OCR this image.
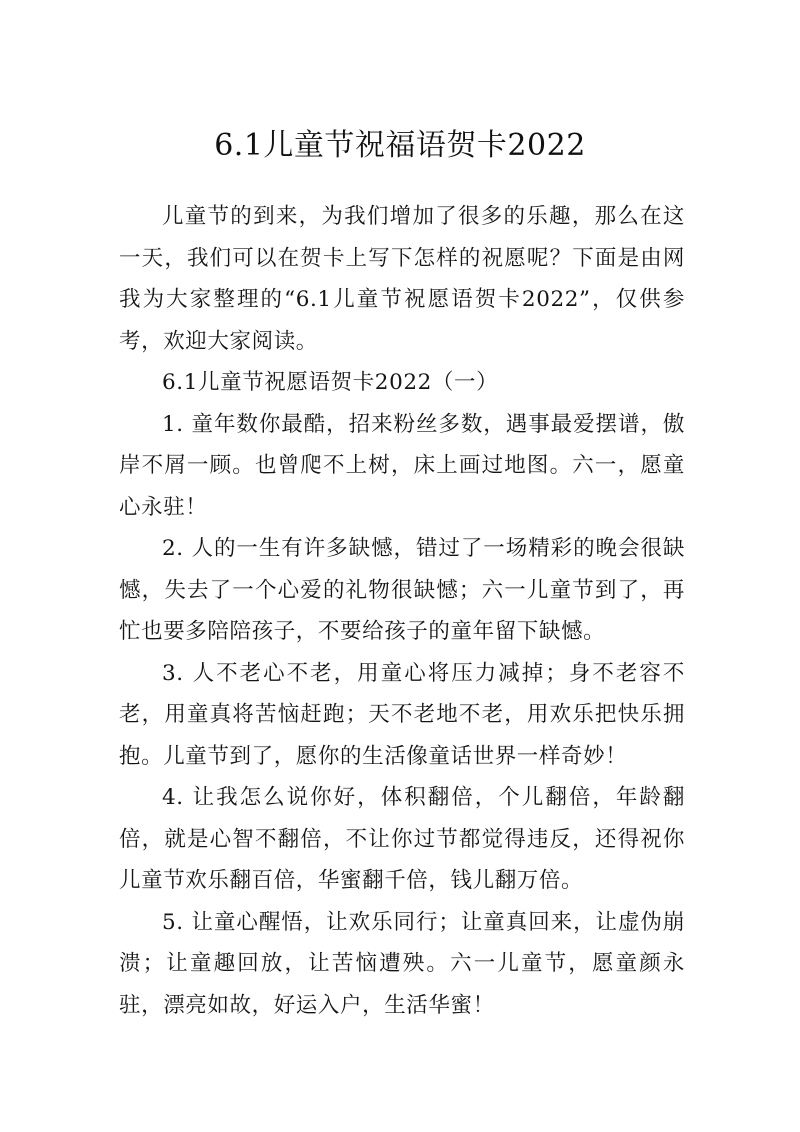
6.1儿童节祝福语贺卡2022

儿童节的到来，为我们增加了很多的乐趣，那么在这一天，我们可以在贺卡上写下怎样的祝愿呢？下面是由网我为大家整理的“6.1儿童节祝愿语贺卡2022”，仅供参考，欢迎大家阅读。

6.1儿童节祝愿语贺卡2022（一）

1. 童年数你最酷，招来粉丝多数，遇事最爱摆谱，傲岸不屑一顾。也曾爬不上树，床上画过地图。六一，愿童心永驻！

2. 人的一生有许多缺憾，错过了一场精彩的晚会很缺憾，失去了一个心爱的礼物很缺憾；六一儿童节到了，再忙也要多陪陪孩子，不要给孩子的童年留下缺憾。

3. 人不老心不老，用童心将压力减掉；身不老容不老，用童真将苦恼赶跑；天不老地不老，用欢乐把快乐拥抱。儿童节到了，愿你的生活像童话世界一样奇妙！

4. 让我怎么说你好，体积翻倍，个儿翻倍，年龄翻倍，就是心智不翻倍，不让你过节都觉得违反，还得祝你儿童节欢乐翻百倍，华蜜翻千倍，钱儿翻万倍。

5. 让童心醒悟，让欢乐同行；让童真回来，让虚伪崩溃；让童趣回放，让苦恼遭殃。六一儿童节，愿童颜永驻，漂亮如故，好运入户，生活华蜜！
